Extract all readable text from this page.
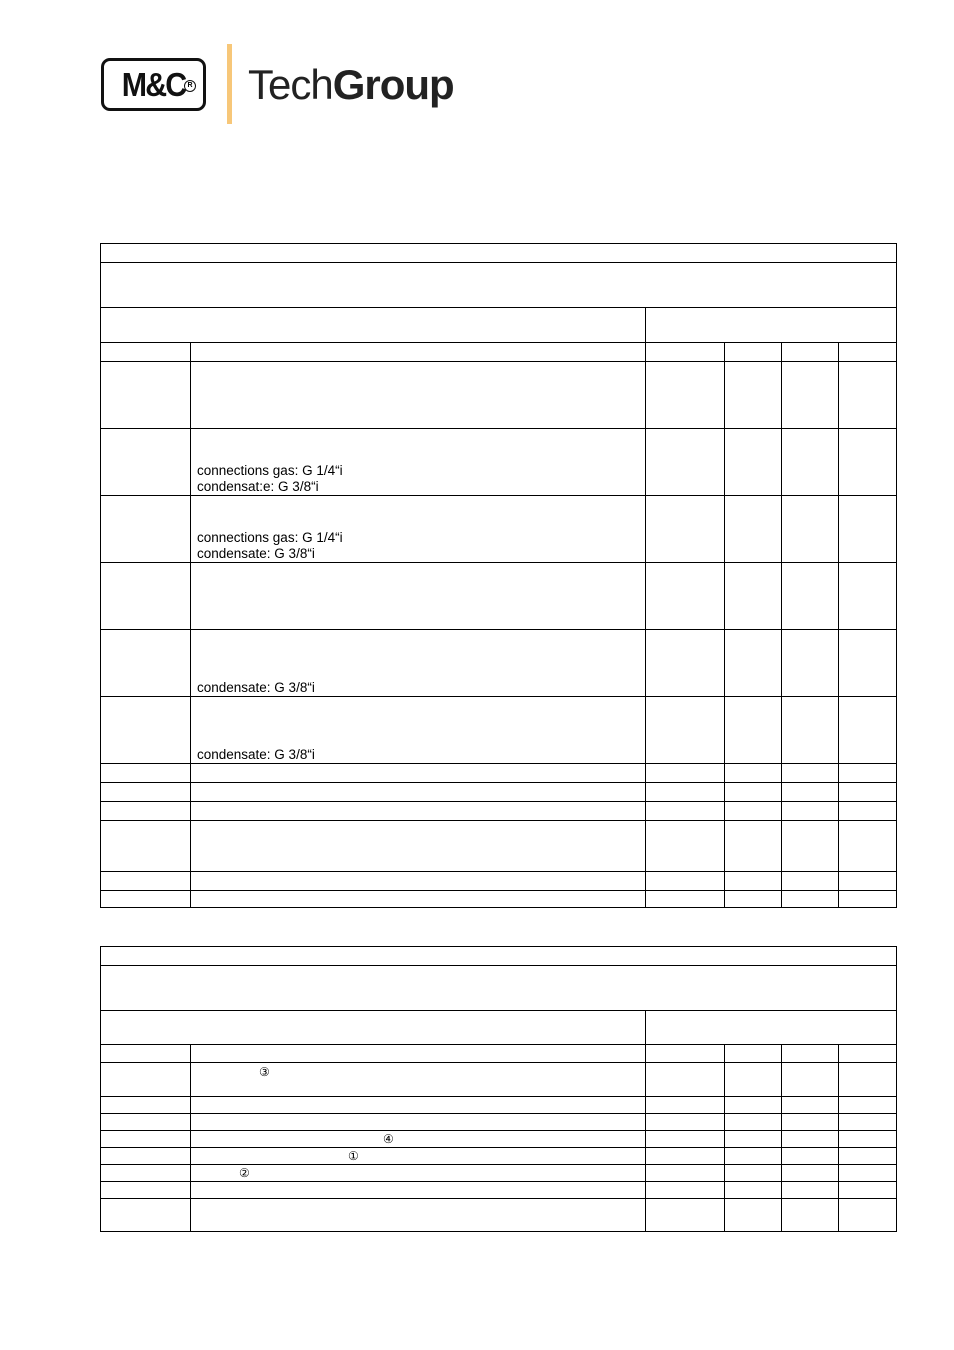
M&C R TechGroup

	connections gas: G 1/4“i
condensat:e: G 3/8“i				

	connections gas: G 1/4“i
condensate: G 3/8“i				

	condensate: G 3/8“i				

	condensate: G 3/8“i				

	③				

	④				
	①				
	②				
